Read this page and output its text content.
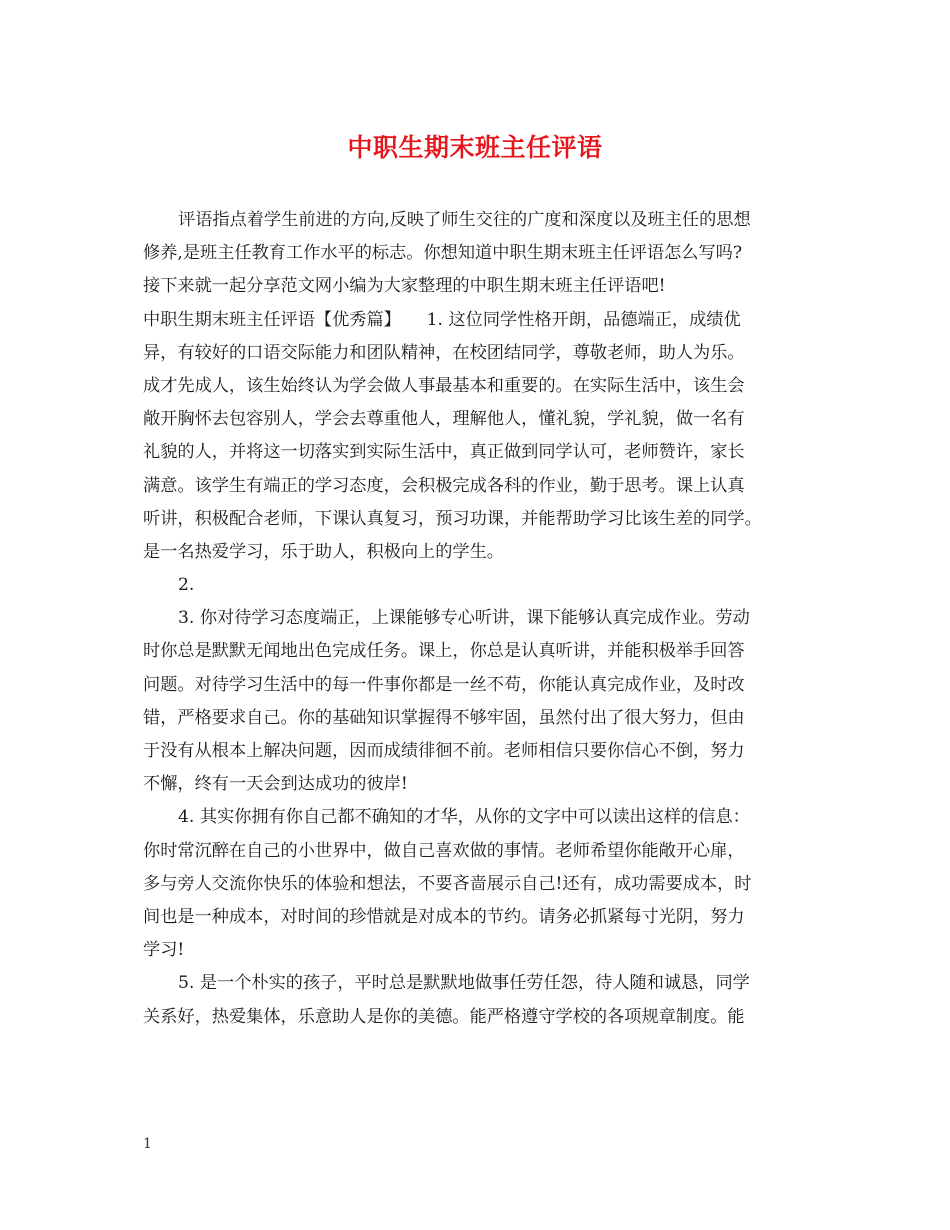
中职生期末班主任评语
评语指点着学生前进的方向,反映了师生交往的广度和深度以及班主任的思想
修养,是班主任教育工作水平的标志。你想知道中职生期末班主任评语怎么写吗?
接下来就一起分享范文网小编为大家整理的中职生期末班主任评语吧!
中职生期末班主任评语【优秀篇】　　1. 这位同学性格开朗，品德端正，成绩优
异，有较好的口语交际能力和团队精神，在校团结同学，尊敬老师，助人为乐。
成才先成人，该生始终认为学会做人事最基本和重要的。在实际生活中，该生会
敞开胸怀去包容别人，学会去尊重他人，理解他人，懂礼貌，学礼貌，做一名有
礼貌的人，并将这一切落实到实际生活中，真正做到同学认可，老师赞许，家长
满意。该学生有端正的学习态度，会积极完成各科的作业，勤于思考。课上认真
听讲，积极配合老师，下课认真复习，预习功课，并能帮助学习比该生差的同学。
是一名热爱学习，乐于助人，积极向上的学生。
2.
3. 你对待学习态度端正，上课能够专心听讲，课下能够认真完成作业。劳动
时你总是默默无闻地出色完成任务。课上，你总是认真听讲，并能积极举手回答
问题。对待学习生活中的每一件事你都是一丝不苟，你能认真完成作业，及时改
错，严格要求自己。你的基础知识掌握得不够牢固，虽然付出了很大努力，但由
于没有从根本上解决问题，因而成绩徘徊不前。老师相信只要你信心不倒，努力
不懈，终有一天会到达成功的彼岸!
4. 其实你拥有你自己都不确知的才华，从你的文字中可以读出这样的信息：
你时常沉醉在自己的小世界中，做自己喜欢做的事情。老师希望你能敞开心扉，
多与旁人交流你快乐的体验和想法，不要吝啬展示自己!还有，成功需要成本，时
间也是一种成本，对时间的珍惜就是对成本的节约。请务必抓紧每寸光阴，努力
学习!
5. 是一个朴实的孩子，平时总是默默地做事任劳任怨，待人随和诚恳，同学
关系好，热爱集体，乐意助人是你的美德。能严格遵守学校的各项规章制度。能
1
